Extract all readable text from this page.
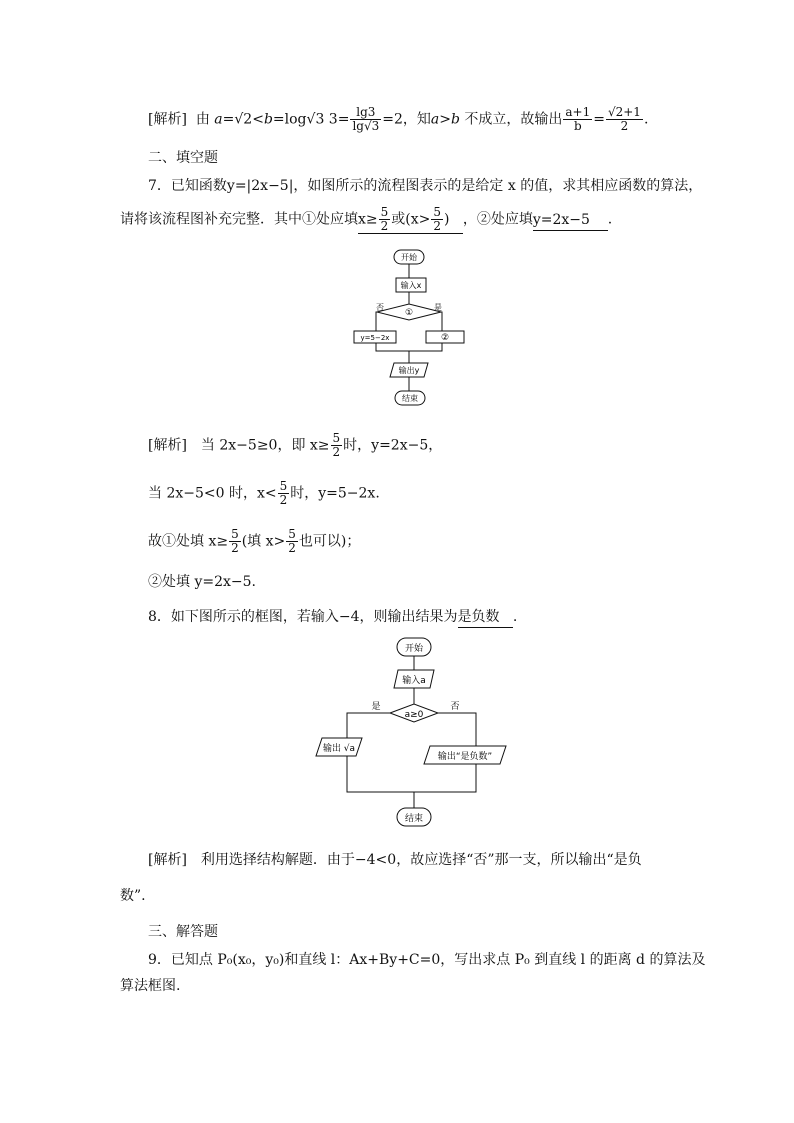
[解析] 由 a=√2<b=log√3 $3= \frac{\lg 3}{\lg√3} =2$，知a>b 不成立，故输出 $\frac{a+1}{b} = \frac{√2+1}{2}$ .
二、填空题
7．已知函数y=|2x−5|，如图所示的流程图表示的是给定 x 的值，求其相应函数的算法，
请将该流程图补充完整．其中①处应填$x\ge \frac{5}{2}$ 或($x> \frac{5}{2}$ ) ，②处应填y=2x−5 .
开始
输入x
①
否	是
y=5−2x	②
输出y
结束
[解析]　当 2x−5≥0，即 $x\ge \frac{5}{2}$ 时，y=2x−5，
当 2x−5<0 时，$x< \frac{5}{2}$ 时，y=5−2x.
故①处填 $x\ge \frac{5}{2}$ (填 $x> \frac{5}{2}$ 也可以)；
②处填 y=2x−5.
8．如下图所示的框图，若输入−4，则输出结果为是负数 .
开始
输入a
a≥0
是	否
输出 √a
输出“是负数”
结束
[解析]　利用选择结构解题．由于−4<0，故应选择“否”那一支，所以输出“是负
数”.
三、解答题
9．已知点 P₀(x₀，y₀)和直线 l：Ax+By+C=0，写出求点 P₀ 到直线 l 的距离 d 的算法及
算法框图.
